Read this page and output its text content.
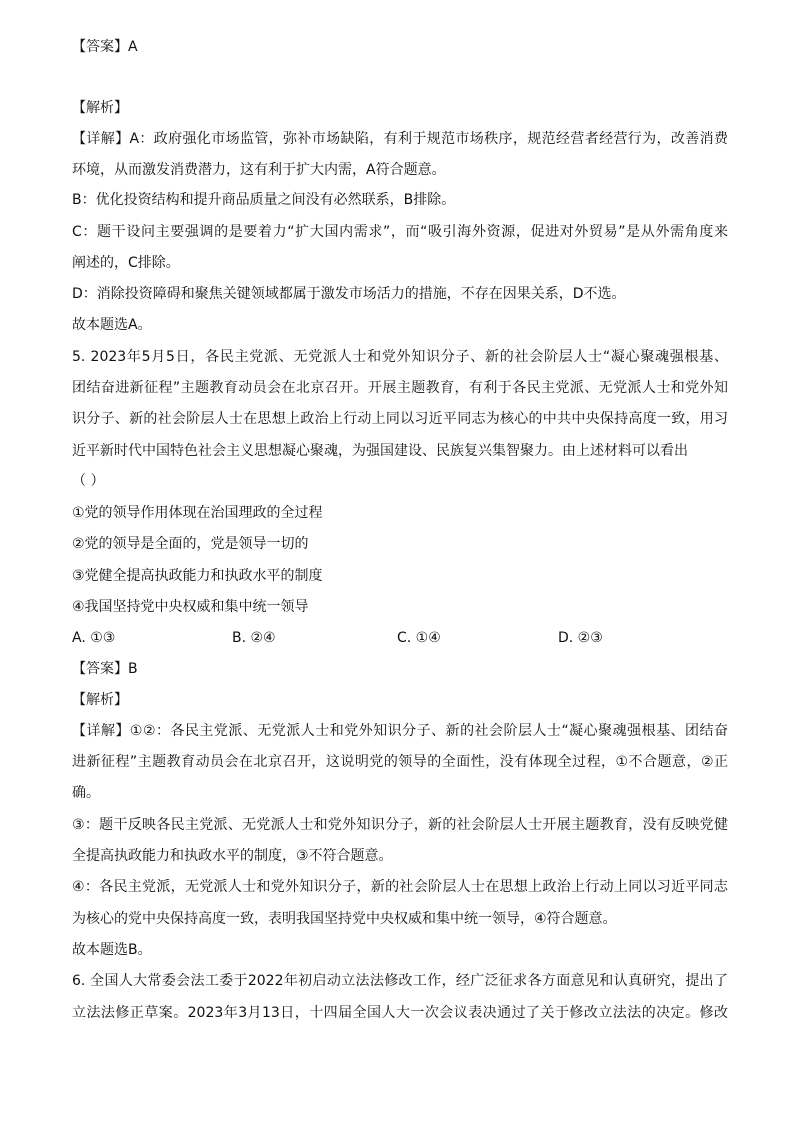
【答案】A
【解析】
【详解】A：政府强化市场监管，弥补市场缺陷，有利于规范市场秩序，规范经营者经营行为，改善消费
环境，从而激发消费潜力，这有利于扩大内需，A符合题意。
B：优化投资结构和提升商品质量之间没有必然联系，B排除。
C：题干设问主要强调的是要着力“扩大国内需求”，而“吸引海外资源，促进对外贸易”是从外需角度来
阐述的，C排除。
D：消除投资障碍和聚焦关键领域都属于激发市场活力的措施，不存在因果关系，D不选。
故本题选A。
5. 2023年5月5日，各民主党派、无党派人士和党外知识分子、新的社会阶层人士“凝心聚魂强根基、
团结奋进新征程”主题教育动员会在北京召开。开展主题教育，有利于各民主党派、无党派人士和党外知
识分子、新的社会阶层人士在思想上政治上行动上同以习近平同志为核心的中共中央保持高度一致，用习
近平新时代中国特色社会主义思想凝心聚魂，为强国建设、民族复兴集智聚力。由上述材料可以看出
（ ）
①党的领导作用体现在治国理政的全过程
②党的领导是全面的，党是领导一切的
③党健全提高执政能力和执政水平的制度
④我国坚持党中央权威和集中统一领导
A. ①③	B. ②④	C. ①④	D. ②③
【答案】B
【解析】
【详解】①②：各民主党派、无党派人士和党外知识分子、新的社会阶层人士“凝心聚魂强根基、团结奋
进新征程”主题教育动员会在北京召开，这说明党的领导的全面性，没有体现全过程，①不合题意，②正
确。
③：题干反映各民主党派、无党派人士和党外知识分子，新的社会阶层人士开展主题教育，没有反映党健
全提高执政能力和执政水平的制度，③不符合题意。
④：各民主党派，无党派人士和党外知识分子，新的社会阶层人士在思想上政治上行动上同以习近平同志
为核心的党中央保持高度一致，表明我国坚持党中央权威和集中统一领导，④符合题意。
故本题选B。
6. 全国人大常委会法工委于2022年初启动立法法修改工作，经广泛征求各方面意见和认真研究，提出了
立法法修正草案。2023年3月13日，十四届全国人大一次会议表决通过了关于修改立法法的决定。修改
